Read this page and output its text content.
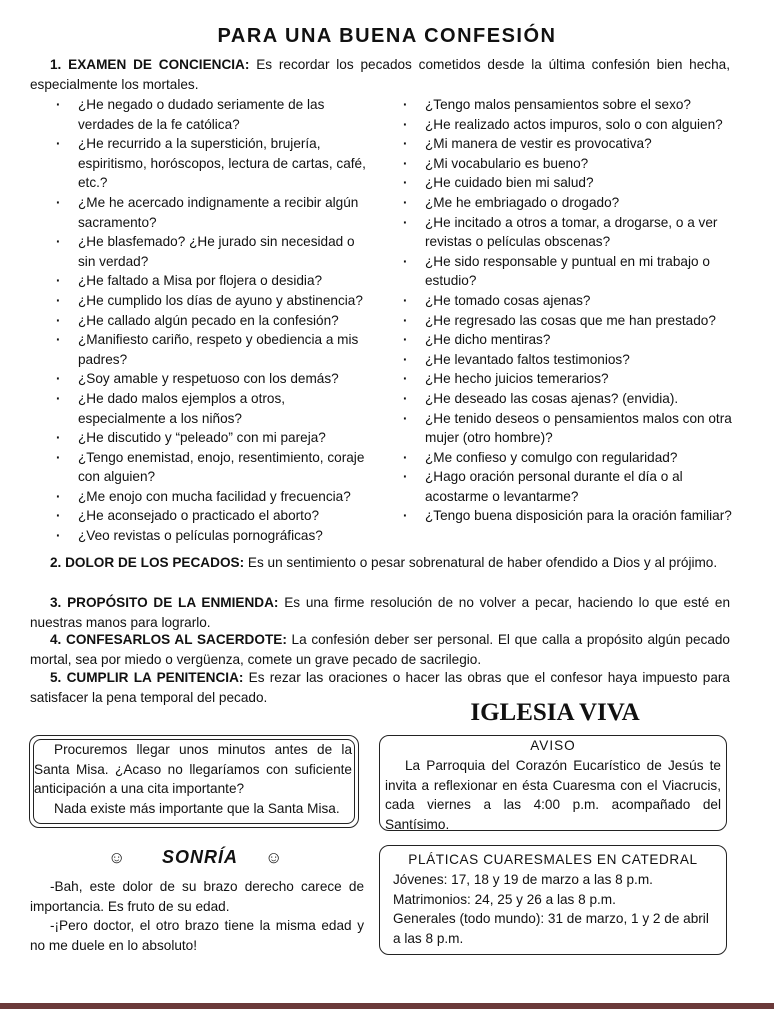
PARA UNA BUENA CONFESIÓN
1. EXAMEN DE CONCIENCIA: Es recordar los pecados cometidos desde la última confesión bien hecha, especialmente los mortales.
· ¿He negado o dudado seriamente de las verdades de la fe católica?
· ¿He recurrido a la superstición, brujería, espiritismo, horóscopos, lectura de cartas, café, etc.?
· ¿Me he acercado indignamente a recibir algún sacramento?
· ¿He blasfemado? ¿He jurado sin necesidad o sin verdad?
· ¿He faltado a Misa por flojera o desidia?
· ¿He cumplido los días de ayuno y abstinencia?
· ¿He callado algún pecado en la confesión?
· ¿Manifiesto cariño, respeto y obediencia a mis padres?
· ¿Soy amable y respetuoso con los demás?
· ¿He dado malos ejemplos a otros, especialmente a los niños?
· ¿He discutido y “peleado” con mi pareja?
· ¿Tengo enemistad, enojo, resentimiento, coraje con alguien?
· ¿Me enojo con mucha facilidad y frecuencia?
· ¿He aconsejado o practicado el aborto?
· ¿Veo revistas o películas pornográficas?
· ¿Tengo malos pensamientos sobre el sexo?
· ¿He realizado actos impuros, solo o con alguien?
· ¿Mi manera de vestir es provocativa?
· ¿Mi vocabulario es bueno?
· ¿He cuidado bien mi salud?
· ¿Me he embriagado o drogado?
· ¿He incitado a otros a tomar, a drogarse, o a ver revistas o películas obscenas?
· ¿He sido responsable y puntual en mi trabajo o estudio?
· ¿He tomado cosas ajenas?
· ¿He regresado las cosas que me han prestado?
· ¿He dicho mentiras?
· ¿He levantado faltos testimonios?
· ¿He hecho juicios temerarios?
· ¿He deseado las cosas ajenas? (envidia).
· ¿He tenido deseos o pensamientos malos con otra mujer (otro hombre)?
· ¿Me confieso y comulgo con regularidad?
· ¿Hago oración personal durante el día o al acostarme o levantarme?
· ¿Tengo buena disposición para la oración familiar?
2. DOLOR DE LOS PECADOS: Es un sentimiento o pesar sobrenatural de haber ofendido a Dios y al prójimo.
3. PROPÓSITO DE LA ENMIENDA: Es una firme resolución de no volver a pecar, haciendo lo que esté en nuestras manos para lograrlo.
4. CONFESARLOS AL SACERDOTE: La confesión deber ser personal. El que calla a propósito algún pecado mortal, sea por miedo o vergüenza, comete un grave pecado de sacrilegio.
5. CUMPLIR LA PENITENCIA: Es rezar las oraciones o hacer las obras que el confesor haya impuesto para satisfacer la pena temporal del pecado.
IGLESIA VIVA
Procuremos llegar unos minutos antes de la Santa Misa. ¿Acaso no llegaríamos con suficiente anticipación a una cita importante?
Nada existe más importante que la Santa Misa.
AVISO
La Parroquia del Corazón Eucarístico de Jesús te invita a reflexionar en ésta Cuaresma con el Viacrucis, cada viernes a las 4:00 p.m. acompañado del Santísimo.
☺ SONRÍA ☺
-Bah, este dolor de su brazo derecho carece de importancia. Es fruto de su edad.
-¡Pero doctor, el otro brazo tiene la misma edad y no me duele en lo absoluto!
PLÁTICAS CUARESMALES EN CATEDRAL
Jóvenes: 17, 18 y 19 de marzo a las 8 p.m.
Matrimonios: 24, 25 y 26 a las 8 p.m.
Generales (todo mundo): 31 de marzo, 1 y 2 de abril a las 8 p.m.
